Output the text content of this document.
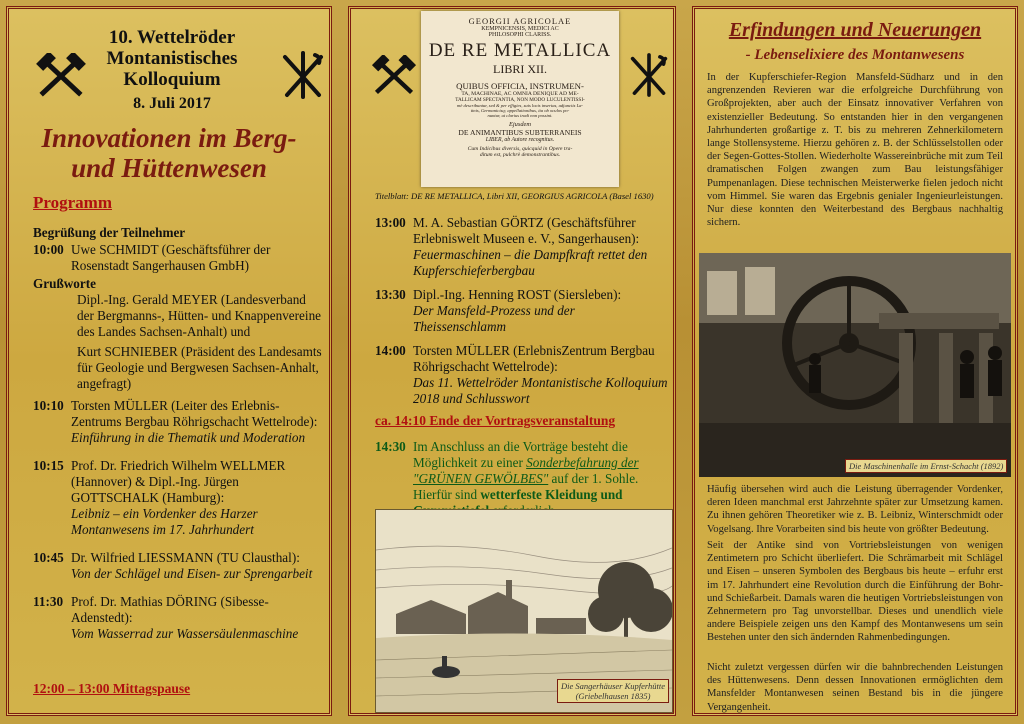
10. Wettelröder
Montanistisches
Kolloquium
8. Juli 2017
Innovationen im Berg-
und Hüttenwesen
Programm
Begrüßung der Teilnehmer
10:00 Uwe SCHMIDT (Geschäftsführer der Rosenstadt Sangerhausen GmbH)
Grußworte
Dipl.-Ing. Gerald MEYER (Landesverband der Bergmanns-, Hütten- und Knappenvereine des Landes Sachsen-Anhalt) und
Kurt SCHNIEBER (Präsident des Landesamts für Geologie und Bergwesen Sachsen-Anhalt, angefragt)
10:10 Torsten MÜLLER (Leiter des Erlebnis-Zentrums Bergbau Röhrigschacht Wettelrode):
Einführung in die Thematik und Moderation
10:15 Prof. Dr. Friedrich Wilhelm WELLMER (Hannover) & Dipl.-Ing. Jürgen GOTTSCHALK (Hamburg):
Leibniz – ein Vordenker des Harzer Montanwesens im 17. Jahrhundert
10:45 Dr. Wilfried LIESSMANN (TU Clausthal):
Von der Schlägel und Eisen- zur Sprengarbeit
11:30 Prof. Dr. Mathias DÖRING (Sibesse-Adenstedt):
Vom Wasserrad zur Wassersäulenmaschine
12:00 – 13:00 Mittagspause
GEORGII AGRICOLAE
KEMPNICENSIS, MEDICI AC
PHILOSOPHI CLARISS.
DE RE METALLICA
LIBRI XII.
QUIBUS OFFICIA, INSTRUMEN-
TA, MACHINAE, AC OMNIA DENIQUE AD ME-
TALLICAM SPECTANTIA, NON MODO LUCULENTISSI-
mè describuntur, sed & per effigies, suis locis insertas, adjunctis La-
tinis, Germanicisq; appellationibus, ita ob oculos po-
nuntur, ut clarius tradi non possint.
Ejusdem
DE ANIMANTIBUS SUBTERRANEIS
LIBER, ab Autore recognitus.
Cum Indicibus diversis, quicquid in Opere tra-
ditum est, pulchrè demonstrantibus.
Titelblatt: DE RE METALLICA, Libri XII, GEORGIUS AGRICOLA (Basel 1630)
13:00 M. A. Sebastian GÖRTZ (Geschäftsführer Erlebniswelt Museen e. V., Sangerhausen):
Feuermaschinen – die Dampfkraft rettet den Kupferschieferbergbau
13:30 Dipl.-Ing. Henning ROST (Siersleben):
Der Mansfeld-Prozess und der Theissenschlamm
14:00 Torsten MÜLLER (ErlebnisZentrum Bergbau Röhrigschacht Wettelrode):
Das 11. Wettelröder Montanistische Kolloquium 2018 und Schlusswort
ca. 14:10 Ende der Vortragsveranstaltung
14:30 Im Anschluss an die Vorträge besteht die Möglichkeit zu einer Sonderbefahrung der "GRÜNEN GEWÖLBES" auf der 1. Sohle. Hierfür sind wetterfeste Kleidung und
Die Sangerhäuser Kupferhütte
(Griebelhausen 1835)
Erfindungen und Neuerungen
- Lebenselixiere des Montanwesens
In der Kupferschiefer-Region Mansfeld-Südharz und in den angrenzenden Revieren war die erfolgreiche Durchführung von Großprojekten, aber auch der Einsatz innovativer Verfahren von existenzieller Bedeutung. So entstanden hier in den vergangenen Jahrhunderten großartige z. T. bis zu mehreren Zehnerkilometern lange Stollensysteme. Hierzu gehören z. B. der Schlüsselstollen oder der Segen-Gottes-Stollen. Wiederholte Wassereinbrüche mit zum Teil dramatischen Folgen zwangen zum Bau leistungsfähiger Pumpenanlagen. Diese technischen Meisterwerke fielen jedoch nicht vom Himmel. Sie waren das Ergebnis genialer Ingenieurleistungen. Nur diese konnten den Weiterbestand des Bergbaus nachhaltig sichern.
Die Maschinenhalle im Ernst-Schacht (1892)
Häufig übersehen wird auch die Leistung überragender Vordenker, deren Ideen manchmal erst Jahrzehnte später zur Umsetzung kamen. Zu ihnen gehören Theoretiker wie z. B. Leibniz, Winterschmidt oder Vogelsang. Ihre Vorarbeiten sind bis heute von größter Bedeutung.
Seit der Antike sind von Vortriebsleistungen von wenigen Zentimetern pro Schicht überliefert. Die Schrämarbeit mit Schlägel und Eisen – unseren Symbolen des Bergbaus bis heute – erfuhr erst im 17. Jahrhundert eine Revolution durch die Einführung der Bohr- und Schießarbeit. Damals waren die heutigen Vortriebsleistungen von Zehnermetern pro Tag unvorstellbar. Dieses und unendlich viele andere Beispiele zeigen uns den Kampf des Montanwesens um sein Bestehen unter den sich ändernden Rahmenbedingungen.
Nicht zuletzt vergessen dürfen wir die bahnbrechenden Leistungen des Hüttenwesens. Denn dessen Innovationen ermöglichten dem Mansfelder Montanwesen seinen Bestand bis in die jüngere Vergangenheit.
